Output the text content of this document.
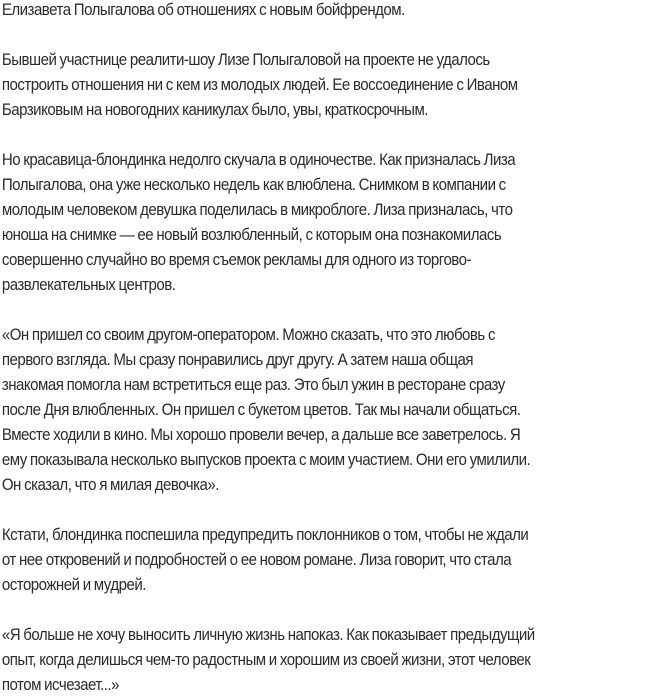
Елизавета Полыгалова об отношениях с новым бойфрендом.

Бывшей участнице реалити-шоу Лизе Полыгаловой на проекте не удалось
построить отношения ни с кем из молодых людей. Ее воссоединение с Иваном
Барзиковым на новогодних каникулах было, увы, краткосрочным.

Но красавица-блондинка недолго скучала в одиночестве. Как призналась Лиза
Полыгалова, она уже несколько недель как влюблена. Снимком в компании с
молодым человеком девушка поделилась в микроблоге. Лиза призналась, что
юноша на снимке — ее новый возлюбленный, с которым она познакомилась
совершенно случайно во время съемок рекламы для одного из торгово-
развлекательных центров.

«Он пришел со своим другом-оператором. Можно сказать, что это любовь с
первого взгляда. Мы сразу понравились друг другу. А затем наша общая
знакомая помогла нам встретиться еще раз. Это был ужин в ресторане сразу
после Дня влюбленных. Он пришел с букетом цветов. Так мы начали общаться.
Вместе ходили в кино. Мы хорошо провели вечер, а дальше все заветрелось. Я
ему показывала несколько выпусков проекта с моим участием. Они его умилили.
Он сказал, что я милая девочка».

Кстати, блондинка поспешила предупредить поклонников о том, чтобы не ждали
от нее откровений и подробностей о ее новом романе. Лиза говорит, что стала
осторожней и мудрей.

«Я больше не хочу выносить личную жизнь напоказ. Как показывает предыдущий
опыт, когда делишься чем-то радостным и хорошим из своей жизни, этот человек
потом исчезает...»
